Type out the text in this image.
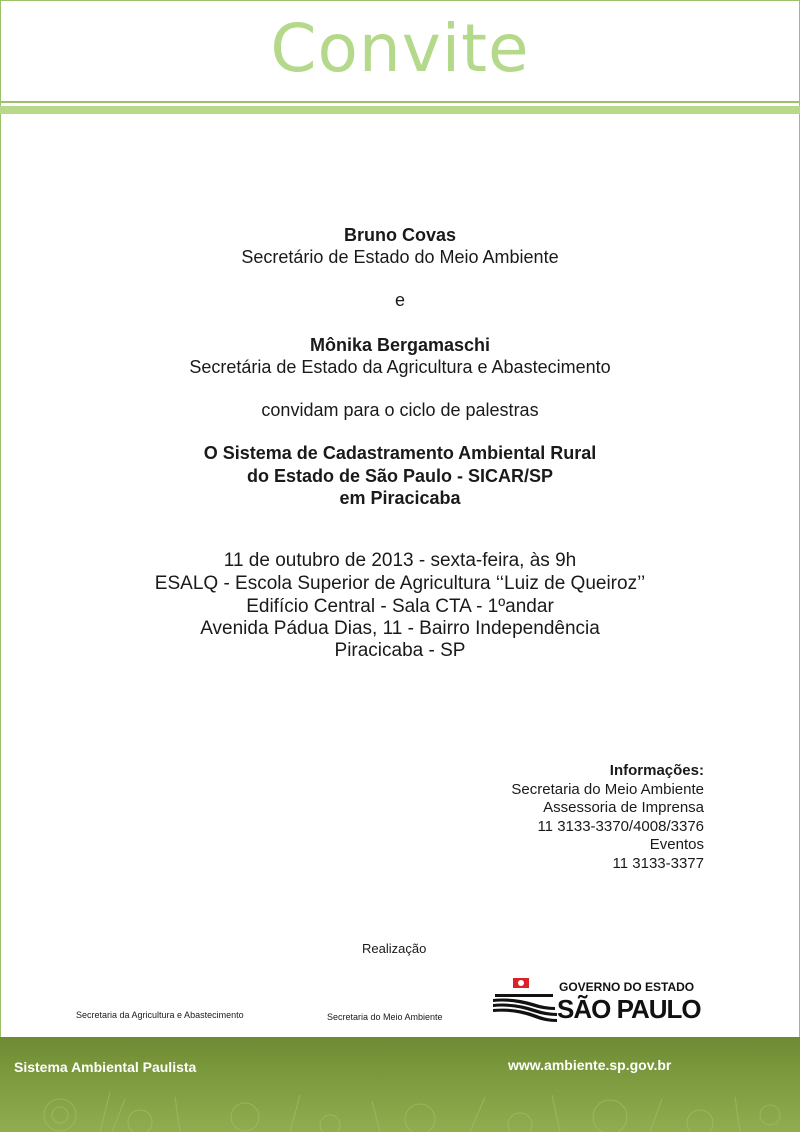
Convite
Bruno Covas
Secretário de Estado do Meio Ambiente
e
Mônika Bergamaschi
Secretária de Estado da Agricultura e Abastecimento
convidam para o ciclo de palestras
O Sistema de Cadastramento Ambiental Rural
do Estado de São Paulo - SICAR/SP
em Piracicaba
11 de outubro de 2013 - sexta-feira, às 9h
ESALQ - Escola Superior de Agricultura ‘‘Luiz de Queiroz’’
Edifício Central - Sala CTA - 1ºandar
Avenida Pádua Dias, 11 - Bairro Independência
Piracicaba - SP
Informações:
Secretaria do Meio Ambiente
Assessoria de Imprensa
11 3133-3370/4008/3376
Eventos
11 3133-3377
Realização
Secretaria da Agricultura e Abastecimento	Secretaria do Meio Ambiente
GOVERNO DO ESTADO
SÃO PAULO
Sistema Ambiental Paulista	www.ambiente.sp.gov.br
